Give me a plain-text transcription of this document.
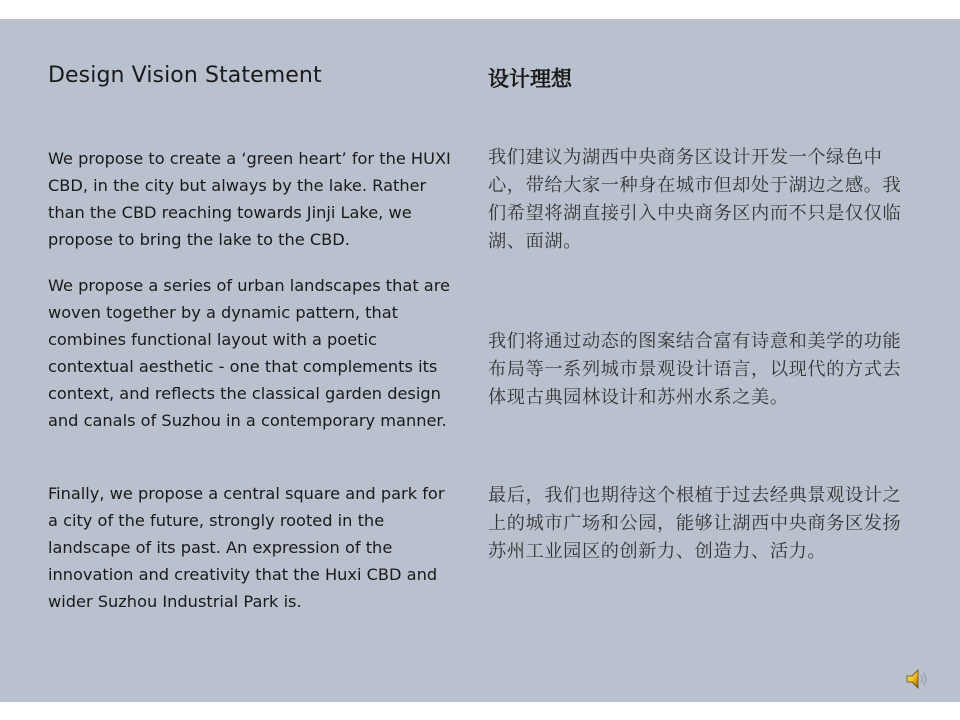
Design Vision Statement

We propose to create a ‘green heart’ for the HUXI CBD, in the city but always by the lake. Rather than the CBD reaching towards Jinji Lake, we propose to bring the lake to the CBD.

We propose a series of urban landscapes that are woven together by a dynamic pattern, that combines functional layout with a poetic contextual aesthetic - one that complements its context, and reflects the classical garden design and canals of Suzhou in a contemporary manner.

Finally, we propose a central square and park for a city of the future, strongly rooted in the landscape of its past. An expression of the innovation and creativity that the Huxi CBD and wider Suzhou Industrial Park is.

设计理想

我们建议为湖西中央商务区设计开发一个绿色中心，带给大家一种身在城市但却处于湖边之感。我们希望将湖直接引入中央商务区内而不只是仅仅临湖、面湖。

我们将通过动态的图案结合富有诗意和美学的功能布局等一系列城市景观设计语言，以现代的方式去体现古典园林设计和苏州水系之美。

最后，我们也期待这个根植于过去经典景观设计之上的城市广场和公园，能够让湖西中央商务区发扬苏州工业园区的创新力、创造力、活力。
